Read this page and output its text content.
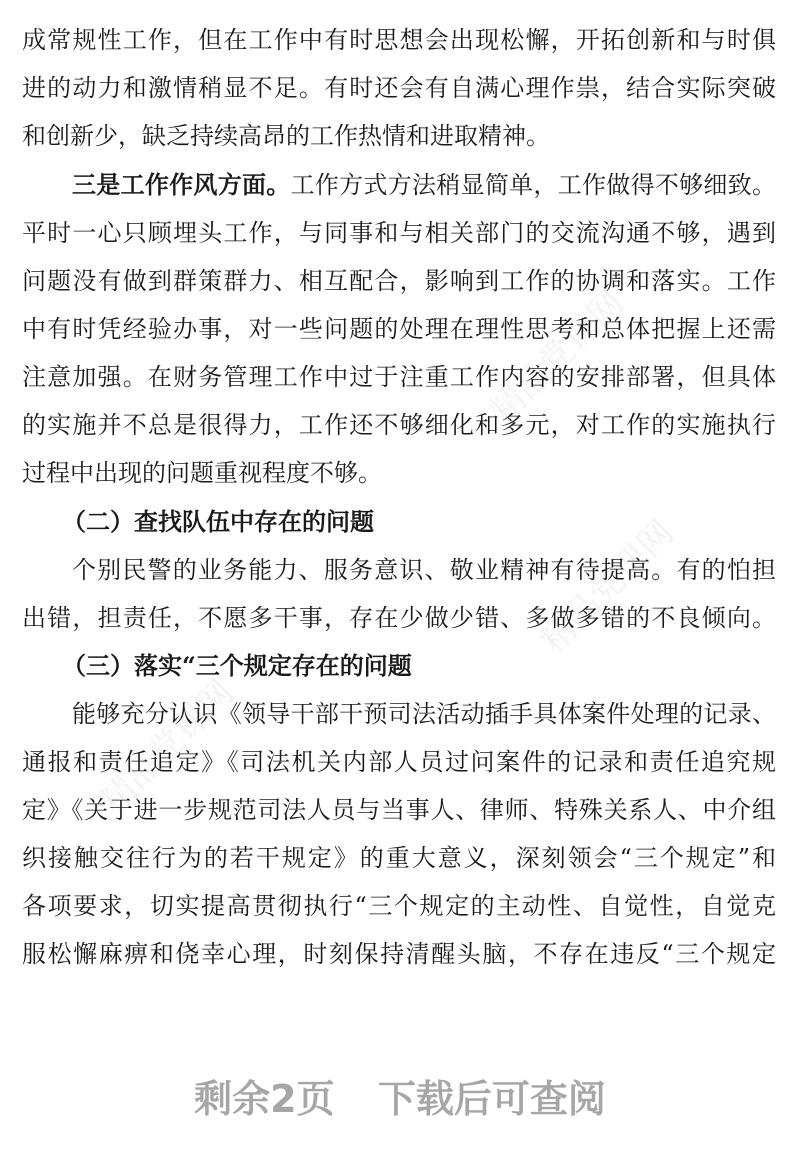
精品党课网
精品党课网
精品党课网
成常规性工作，但在工作中有时思想会出现松懈，开拓创新和与时俱
进的动力和激情稍显不足。有时还会有自满心理作祟，结合实际突破
和创新少，缺乏持续高昂的工作热情和进取精神。
三是工作作风方面。工作方式方法稍显简单，工作做得不够细致。
平时一心只顾埋头工作，与同事和与相关部门的交流沟通不够，遇到
问题没有做到群策群力、相互配合，影响到工作的协调和落实。工作
中有时凭经验办事，对一些问题的处理在理性思考和总体把握上还需
注意加强。在财务管理工作中过于注重工作内容的安排部署，但具体
的实施并不总是很得力，工作还不够细化和多元，对工作的实施执行
过程中出现的问题重视程度不够。
（二）查找队伍中存在的问题
个别民警的业务能力、服务意识、敬业精神有待提高。有的怕担
出错，担责任，不愿多干事，存在少做少错、多做多错的不良倾向。
（三）落实“三个规定存在的问题
能够充分认识《领导干部干预司法活动插手具体案件处理的记录、
通报和责任追定》《司法机关内部人员过问案件的记录和责任追究规
定》《关于进一步规范司法人员与当事人、律师、特殊关系人、中介组
织接触交往行为的若干规定》的重大意义，深刻领会“三个规定”和
各项要求，切实提高贯彻执行“三个规定的主动性、自觉性，自觉克
服松懈麻痹和侥幸心理，时刻保持清醒头脑，不存在违反“三个规定
剩余2页 下载后可查阅
